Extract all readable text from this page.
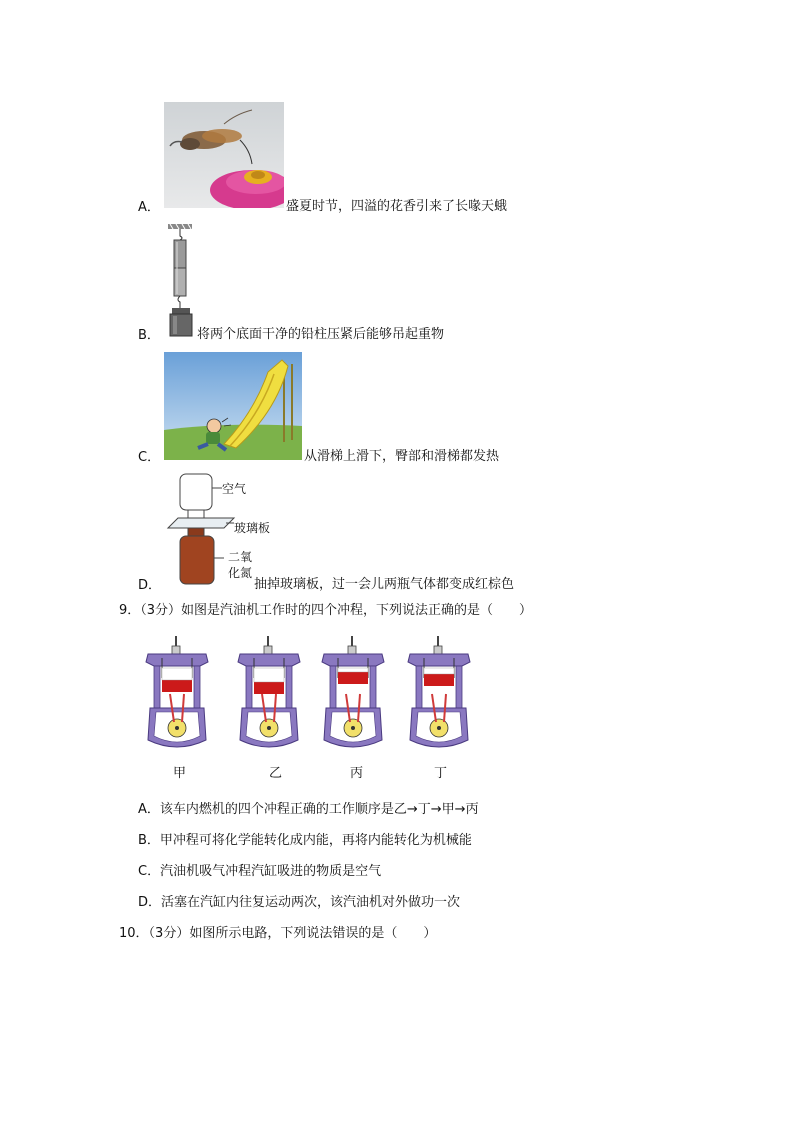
A．	盛夏时节，四溢的花香引来了长喙天蛾
B．	将两个底面干净的铅柱压紧后能够吊起重物
C．	从滑梯上滑下，臀部和滑梯都发热
空气
玻璃板
二氧
化氮
D．	抽掉玻璃板，过一会儿两瓶气体都变成红棕色
9．（3分）如图是汽油机工作时的四个冲程，下列说法正确的是（　　）
甲	乙	丙	丁
A．该车内燃机的四个冲程正确的工作顺序是乙→丁→甲→丙
B．甲冲程可将化学能转化成内能，再将内能转化为机械能
C．汽油机吸气冲程汽缸吸进的物质是空气
D．活塞在汽缸内往复运动两次，该汽油机对外做功一次
10．（3分）如图所示电路，下列说法错误的是（　　）
